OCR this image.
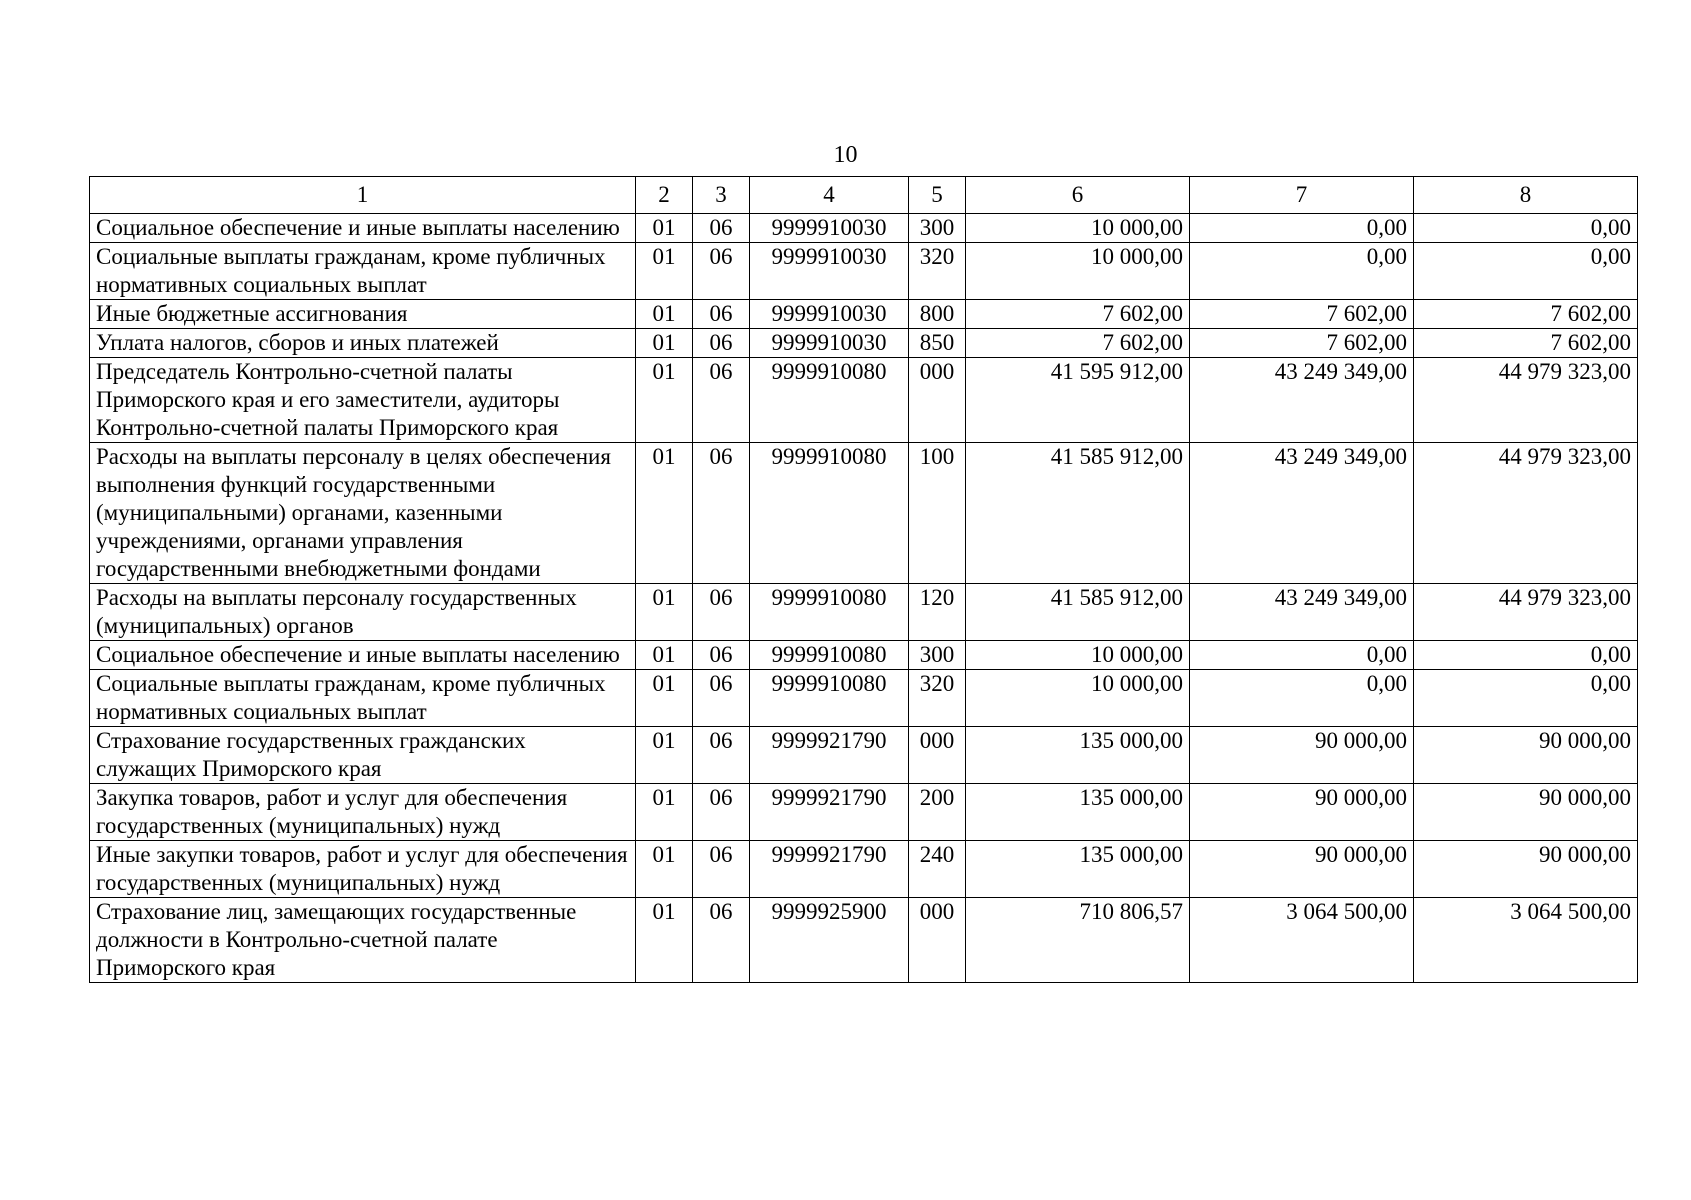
10
1	2	3	4	5	6	7	8
Социальное обеспечение и иные выплаты населению	01	06	9999910030	300	10 000,00	0,00	0,00
Социальные выплаты гражданам, кроме публичных нормативных социальных выплат	01	06	9999910030	320	10 000,00	0,00	0,00
Иные бюджетные ассигнования	01	06	9999910030	800	7 602,00	7 602,00	7 602,00
Уплата налогов, сборов и иных платежей	01	06	9999910030	850	7 602,00	7 602,00	7 602,00
Председатель Контрольно-счетной палаты Приморского края и его заместители, аудиторы Контрольно-счетной палаты Приморского края	01	06	9999910080	000	41 595 912,00	43 249 349,00	44 979 323,00
Расходы на выплаты персоналу в целях обеспечения выполнения функций государственными (муниципальными) органами, казенными учреждениями, органами управления государственными внебюджетными фондами	01	06	9999910080	100	41 585 912,00	43 249 349,00	44 979 323,00
Расходы на выплаты персоналу государственных (муниципальных) органов	01	06	9999910080	120	41 585 912,00	43 249 349,00	44 979 323,00
Социальное обеспечение и иные выплаты населению	01	06	9999910080	300	10 000,00	0,00	0,00
Социальные выплаты гражданам, кроме публичных нормативных социальных выплат	01	06	9999910080	320	10 000,00	0,00	0,00
Страхование государственных гражданских служащих Приморского края	01	06	9999921790	000	135 000,00	90 000,00	90 000,00
Закупка товаров, работ и услуг для обеспечения государственных (муниципальных) нужд	01	06	9999921790	200	135 000,00	90 000,00	90 000,00
Иные закупки товаров, работ и услуг для обеспечения государственных (муниципальных) нужд	01	06	9999921790	240	135 000,00	90 000,00	90 000,00
Страхование лиц, замещающих государственные должности в Контрольно-счетной палате Приморского края	01	06	9999925900	000	710 806,57	3 064 500,00	3 064 500,00
